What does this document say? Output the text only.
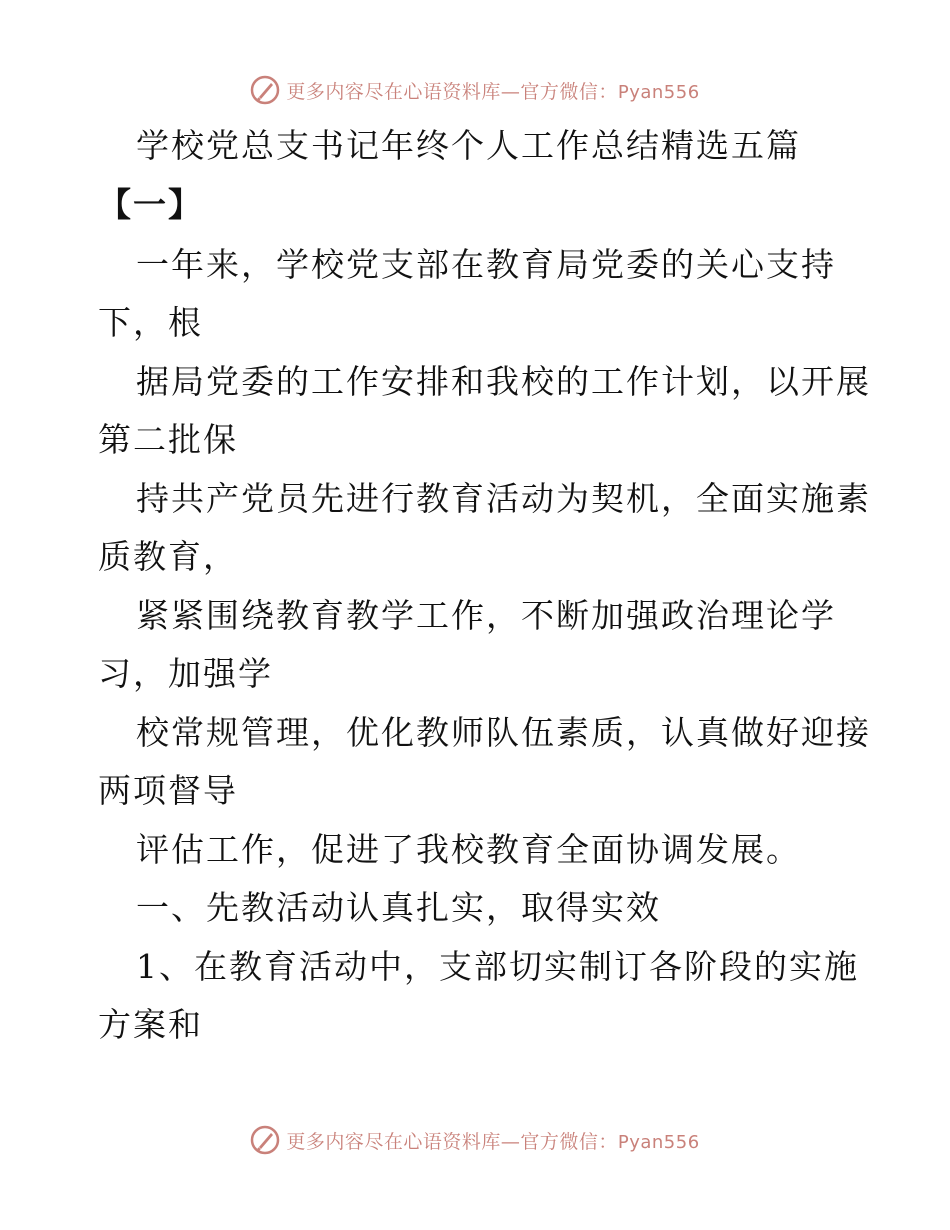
更多内容尽在心语资料库—官方微信：Pyan556
学校党总支书记年终个人工作总结精选五篇
【一】
一年来，学校党支部在教育局党委的关心支持
下，根
据局党委的工作安排和我校的工作计划，以开展
第二批保
持共产党员先进行教育活动为契机，全面实施素
质教育，
紧紧围绕教育教学工作，不断加强政治理论学
习，加强学
校常规管理，优化教师队伍素质，认真做好迎接
两项督导
评估工作，促进了我校教育全面协调发展。
一、先教活动认真扎实，取得实效
1、在教育活动中，支部切实制订各阶段的实施
方案和
更多内容尽在心语资料库—官方微信：Pyan556
